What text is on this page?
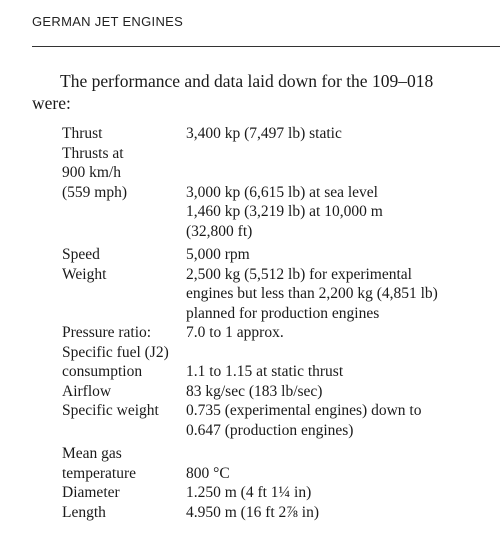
GERMAN JET ENGINES
The performance and data laid down for the 109–018
were:
Thrust	3,400 kp (7,497 lb) static
Thrusts at
900 km/h
(559 mph)	3,000 kp (6,615 lb) at sea level
1,460 kp (3,219 lb) at 10,000 m
(32,800 ft)
Speed	5,000 rpm
Weight	2,500 kg (5,512 lb) for experimental
engines but less than 2,200 kg (4,851 lb)
planned for production engines
Pressure ratio: 7.0 to 1 approx.
Specific fuel (J2)
consumption	1.1 to 1.15 at static thrust
Airflow	83 kg/sec (183 lb/sec)
Specific weight 0.735 (experimental engines) down to
0.647 (production engines)
Mean gas
temperature	800 °C
Diameter	1.250 m (4 ft 1¼ in)
Length	4.950 m (16 ft 2⅞ in)
